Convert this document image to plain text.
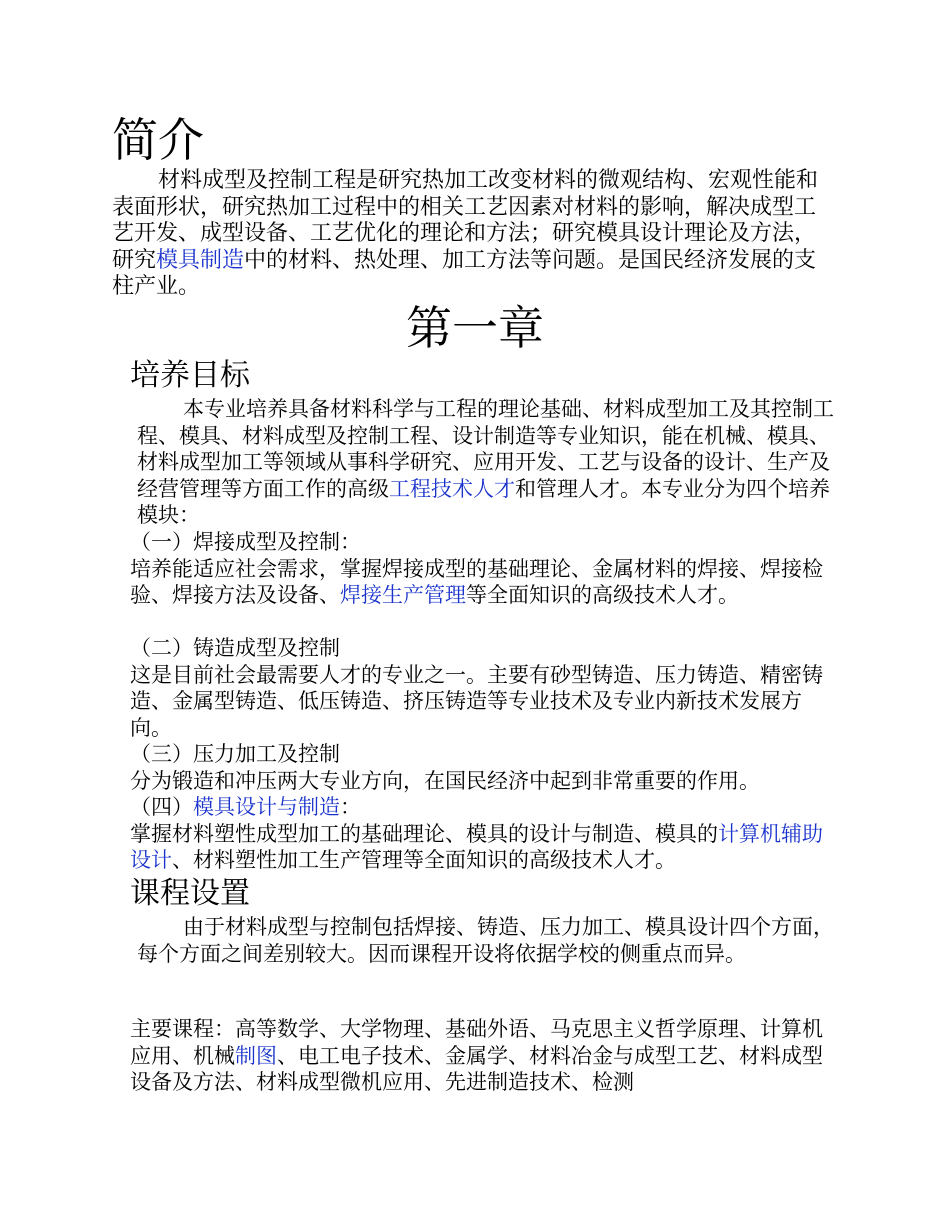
简介

材料成型及控制工程是研究热加工改变材料的微观结构、宏观性能和表面形状，研究热加工过程中的相关工艺因素对材料的影响，解决成型工艺开发、成型设备、工艺优化的理论和方法；研究模具设计理论及方法，研究模具制造中的材料、热处理、加工方法等问题。是国民经济发展的支柱产业。

第一章
培养目标

本专业培养具备材料科学与工程的理论基础、材料成型加工及其控制工程、模具、材料成型及控制工程、设计制造等专业知识，能在机械、模具、材料成型加工等领域从事科学研究、应用开发、工艺与设备的设计、生产及经营管理等方面工作的高级工程技术人才和管理人才。本专业分为四个培养模块：

（一）焊接成型及控制：

培养能适应社会需求，掌握焊接成型的基础理论、金属材料的焊接、焊接检验、焊接方法及设备、焊接生产管理等全面知识的高级技术人才。

（二）铸造成型及控制

这是目前社会最需要人才的专业之一。主要有砂型铸造、压力铸造、精密铸造、金属型铸造、低压铸造、挤压铸造等专业技术及专业内新技术发展方向。

（三）压力加工及控制

分为锻造和冲压两大专业方向，在国民经济中起到非常重要的作用。

（四）模具设计与制造：

掌握材料塑性成型加工的基础理论、模具的设计与制造、模具的计算机辅助设计、材料塑性加工生产管理等全面知识的高级技术人才。

课程设置

由于材料成型与控制包括焊接、铸造、压力加工、模具设计四个方面，每个方面之间差别较大。因而课程开设将依据学校的侧重点而异。

主要课程：高等数学、大学物理、基础外语、马克思主义哲学原理、计算机应用、机械制图、电工电子技术、金属学、材料冶金与成型工艺、材料成型设备及方法、材料成型微机应用、先进制造技术、检测
